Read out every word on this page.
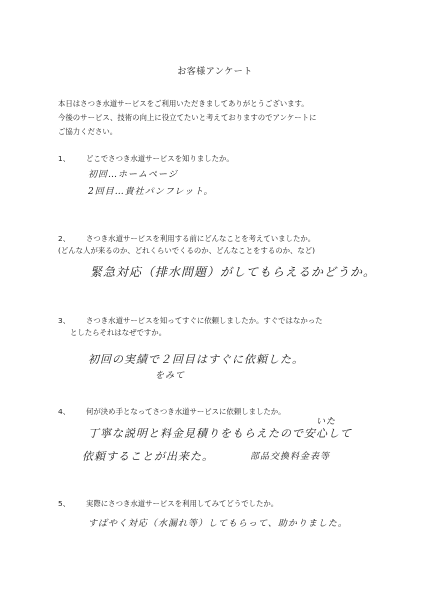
お客様アンケート
本日はさつき水道サービスをご利用いただきましてありがとうございます。
今後のサービス、技術の向上に役立てたいと考えておりますのでアンケートに
ご協力ください。
1、 どこでさつき水道サービスを知りましたか。
初回…ホームページ
2回目…貴社パンフレット。
2、 さつき水道サービスを利用する前にどんなことを考えていましたか。
(どんな人が来るのか、どれくらいでくるのか、どんなことをするのか、など)
緊急対応（排水問題）がしてもらえるかどうか。
3、 さつき水道サービスを知ってすぐに依頼しましたか。すぐではなかった
としたらそれはなぜですか。
初回の実績で２回目はすぐに依頼した。
をみて
4、 何が決め手となってさつき水道サービスに依頼しましたか。
いた
丁寧な説明と料金見積りをもらえたので安心して
依頼することが出来た。	部品交換料金表等
5、 実際にさつき水道サービスを利用してみてどうでしたか。
すばやく対応（水漏れ等）してもらって、助かりました。
